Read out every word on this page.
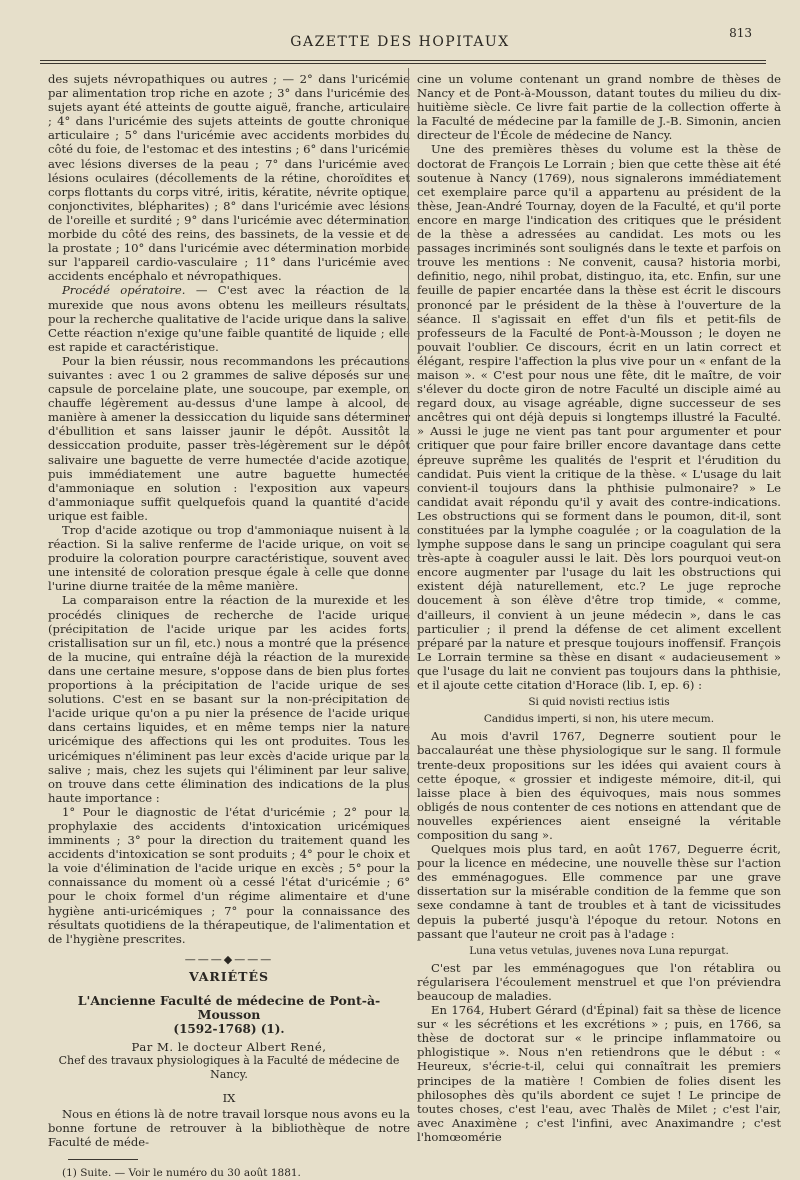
GAZETTE DES HOPITAUX
813

des sujets névropathiques ou autres ; — 2° dans l'uricémie par alimentation trop riche en azote ; 3° dans l'uricémie des sujets ayant été atteints de goutte aiguë, franche, articulaire ; 4° dans l'uricémie des sujets atteints de goutte chronique articulaire ; 5° dans l'uricémie avec accidents morbides du côté du foie, de l'estomac et des intestins ; 6° dans l'uricémie avec lésions diverses de la peau ; 7° dans l'uricémie avec lésions oculaires (décollements de la rétine, choroïdites et corps flottants du corps vitré, iritis, kératite, névrite optique, conjonctivites, blépharites) ; 8° dans l'uricémie avec lésions de l'oreille et surdité ; 9° dans l'uricémie avec détermination morbide du côté des reins, des bassinets, de la vessie et de la prostate ; 10° dans l'uricémie avec détermination morbide sur l'appareil cardio-vasculaire ; 11° dans l'uricémie avec accidents encéphalo et névropathiques.

Procédé opératoire. — C'est avec la réaction de la murexide que nous avons obtenu les meilleurs résultats, pour la recherche qualitative de l'acide urique dans la salive. Cette réaction n'exige qu'une faible quantité de liquide ; elle est rapide et caractéristique.

Pour la bien réussir, nous recommandons les précautions suivantes : avec 1 ou 2 grammes de salive déposés sur une capsule de porcelaine plate, une soucoupe, par exemple, on chauffe légèrement au-dessus d'une lampe à alcool, de manière à amener la dessiccation du liquide sans déterminer d'ébullition et sans laisser jaunir le dépôt. Aussitôt la dessiccation produite, passer très-légèrement sur le dépôt salivaire une baguette de verre humectée d'acide azotique, puis immédiatement une autre baguette humectée d'ammoniaque en solution : l'exposition aux vapeurs d'ammoniaque suffit quelquefois quand la quantité d'acide urique est faible.

Trop d'acide azotique ou trop d'ammoniaque nuisent à la réaction. Si la salive renferme de l'acide urique, on voit se produire la coloration pourpre caractéristique, souvent avec une intensité de coloration presque égale à celle que donne l'urine diurne traitée de la même manière.

La comparaison entre la réaction de la murexide et les procédés cliniques de recherche de l'acide urique (précipitation de l'acide urique par les acides forts, cristallisation sur un fil, etc.) nous a montré que la présence de la mucine, qui entraîne déjà la réaction de la murexide dans une certaine mesure, s'oppose dans de bien plus fortes proportions à la précipitation de l'acide urique de ses solutions. C'est en se basant sur la non-précipitation de l'acide urique qu'on a pu nier la présence de l'acide urique dans certains liquides, et en même temps nier la nature uricémique des affections qui les ont produites. Tous les uricémiques n'éliminent pas leur excès d'acide urique par la salive ; mais, chez les sujets qui l'éliminent par leur salive, on trouve dans cette élimination des indications de la plus haute importance :

1° Pour le diagnostic de l'état d'uricémie ; 2° pour la prophylaxie des accidents d'intoxication uricémiques imminents ; 3° pour la direction du traitement quand les accidents d'intoxication se sont produits ; 4° pour le choix et la voie d'élimination de l'acide urique en excès ; 5° pour la connaissance du moment où a cessé l'état d'uricémie ; 6° pour le choix formel d'un régime alimentaire et d'une hygiène anti-uricémiques ; 7° pour la connaissance des résultats quotidiens de la thérapeutique, de l'alimentation et de l'hygiène prescrites.

———◆———
VARIÉTÉS
L'Ancienne Faculté de médecine de Pont-à-Mousson
(1592-1768) (1).
Par M. le docteur Albert René,
Chef des travaux physiologiques à la Faculté de médecine de Nancy.
IX

Nous en étions là de notre travail lorsque nous avons eu la bonne fortune de retrouver à la bibliothèque de notre Faculté de méde-

(1) Suite. — Voir le numéro du 30 août 1881.

cine un volume contenant un grand nombre de thèses de Nancy et de Pont-à-Mousson, datant toutes du milieu du dix-huitième siècle. Ce livre fait partie de la collection offerte à la Faculté de médecine par la famille de J.-B. Simonin, ancien directeur de l'École de médecine de Nancy.

Une des premières thèses du volume est la thèse de doctorat de François Le Lorrain ; bien que cette thèse ait été soutenue à Nancy (1769), nous signalerons immédiatement cet exemplaire parce qu'il a appartenu au président de la thèse, Jean-André Tournay, doyen de la Faculté, et qu'il porte encore en marge l'indication des critiques que le président de la thèse a adressées au candidat. Les mots ou les passages incriminés sont soulignés dans le texte et parfois on trouve les mentions : Ne convenit, causa? historia morbi, definitio, nego, nihil probat, distinguo, ita, etc. Enfin, sur une feuille de papier encartée dans la thèse est écrit le discours prononcé par le président de la thèse à l'ouverture de la séance. Il s'agissait en effet d'un fils et petit-fils de professeurs de la Faculté de Pont-à-Mousson ; le doyen ne pouvait l'oublier. Ce discours, écrit en un latin correct et élégant, respire l'affection la plus vive pour un « enfant de la maison ». « C'est pour nous une fête, dit le maître, de voir s'élever du docte giron de notre Faculté un disciple aimé au regard doux, au visage agréable, digne successeur de ses ancêtres qui ont déjà depuis si longtemps illustré la Faculté. » Aussi le juge ne vient pas tant pour argumenter et pour critiquer que pour faire briller encore davantage dans cette épreuve suprême les qualités de l'esprit et l'érudition du candidat. Puis vient la critique de la thèse. « L'usage du lait convient-il toujours dans la phthisie pulmonaire? » Le candidat avait répondu qu'il y avait des contre-indications. Les obstructions qui se forment dans le poumon, dit-il, sont constituées par la lymphe coagulée ; or la coagulation de la lymphe suppose dans le sang un principe coagulant qui sera très-apte à coaguler aussi le lait. Dès lors pourquoi veut-on encore augmenter par l'usage du lait les obstructions qui existent déjà naturellement, etc.? Le juge reproche doucement à son élève d'être trop timide, « comme, d'ailleurs, il convient à un jeune médecin », dans le cas particulier ; il prend la défense de cet aliment excellent préparé par la nature et presque toujours inoffensif. François Le Lorrain termine sa thèse en disant « audacieusement » que l'usage du lait ne convient pas toujours dans la phthisie, et il ajoute cette citation d'Horace (lib. I, ep. 6) :

Si quid novisti rectius istis
Candidus imperti, si non, his utere mecum.

Au mois d'avril 1767, Degnerre soutient pour le baccalauréat une thèse physiologique sur le sang. Il formule trente-deux propositions sur les idées qui avaient cours à cette époque, « grossier et indigeste mémoire, dit-il, qui laisse place à bien des équivoques, mais nous sommes obligés de nous contenter de ces notions en attendant que de nouvelles expériences aient enseigné la véritable composition du sang ».

Quelques mois plus tard, en août 1767, Deguerre écrit, pour la licence en médecine, une nouvelle thèse sur l'action des emménagogues. Elle commence par une grave dissertation sur la misérable condition de la femme que son sexe condamne à tant de troubles et à tant de vicissitudes depuis la puberté jusqu'à l'époque du retour. Notons en passant que l'auteur ne croit pas à l'adage :

Luna vetus vetulas, juvenes nova Luna repurgat.

C'est par les emménagogues que l'on rétablira ou régularisera l'écoulement menstruel et que l'on préviendra beaucoup de maladies.

En 1764, Hubert Gérard (d'Épinal) fait sa thèse de licence sur « les sécrétions et les excrétions » ; puis, en 1766, sa thèse de doctorat sur « le principe inflammatoire ou phlogistique ». Nous n'en retiendrons que le début : « Heureux, s'écrie-t-il, celui qui connaîtrait les premiers principes de la matière ! Combien de folies disent les philosophes dès qu'ils abordent ce sujet ! Le principe de toutes choses, c'est l'eau, avec Thalès de Milet ; c'est l'air, avec Anaximène ; c'est l'infini, avec Anaximandre ; c'est l'homœomérie
